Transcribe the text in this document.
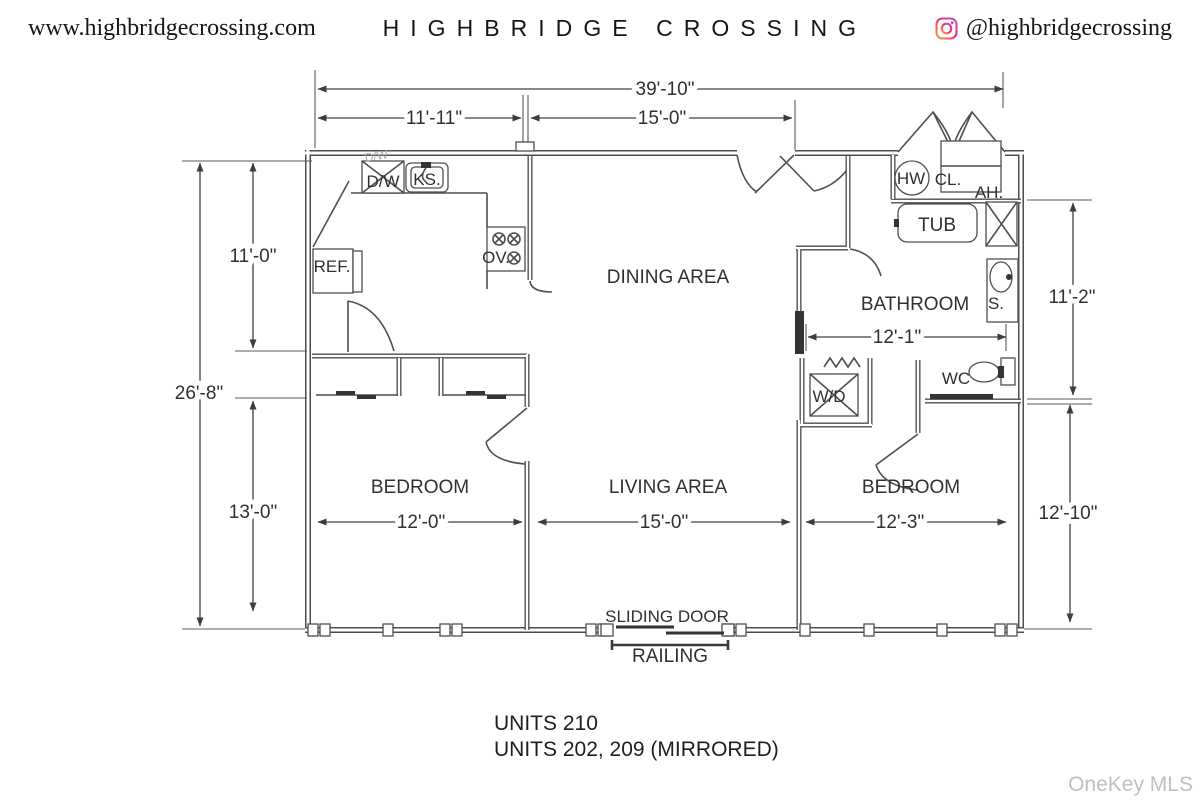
39'-10"
11'-11"	15'-0"
26'-8"
11'-0"
13'-0"
11'-2"
12'-10"
12'-1"
12'-0"	15'-0"	12'-3"
DINING AREA
BATHROOM
BEDROOM	LIVING AREA	BEDROOM
D/W
D/W KS.
REF.	OV.
HW CL.
AH.
TUB
S.
WC
W/D
SLIDING DOOR
RAILING
UNITS 210
UNITS 202, 209 (MIRRORED)
OneKey MLS
www.highbridgecrossing.com	HIGHBRIDGE CROSSING	@highbridgecrossing
